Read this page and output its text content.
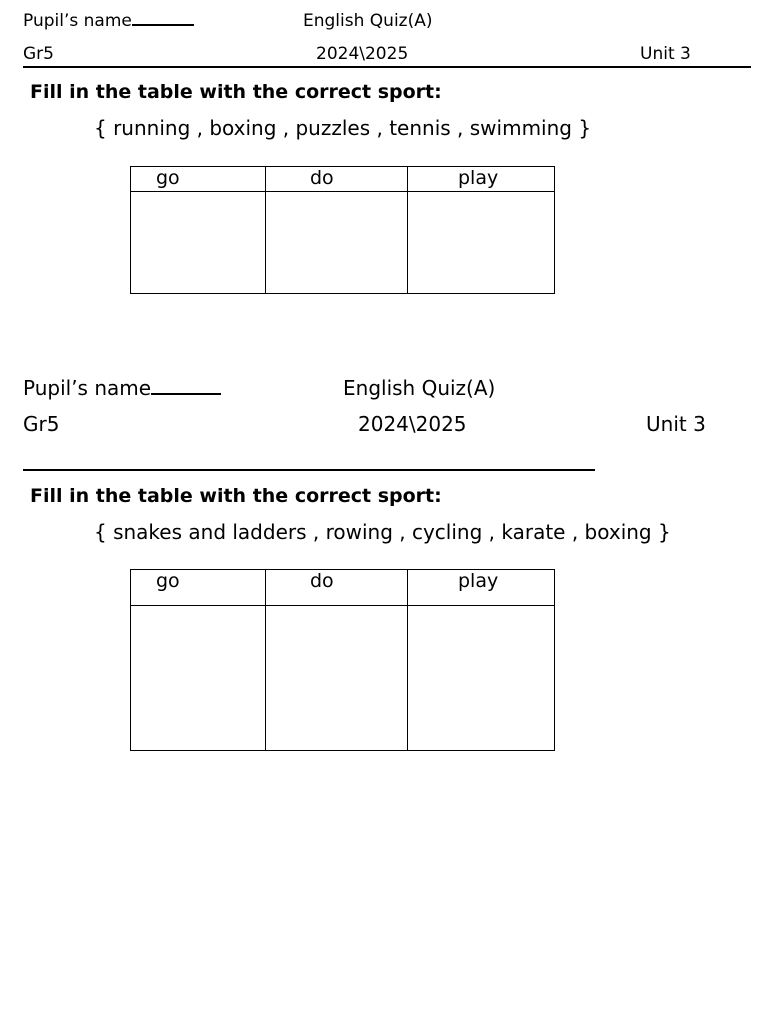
Pupil’s name	English Quiz(A)
Gr5	2024\2025	Unit 3
Fill in the table with the correct sport:
{ running , boxing , puzzles , tennis , swimming }
go	do	play

Pupil’s name	English Quiz(A)
Gr5	2024\2025	Unit 3
Fill in the table with the correct sport:
{ snakes and ladders , rowing , cycling , karate , boxing }
go	do	play
